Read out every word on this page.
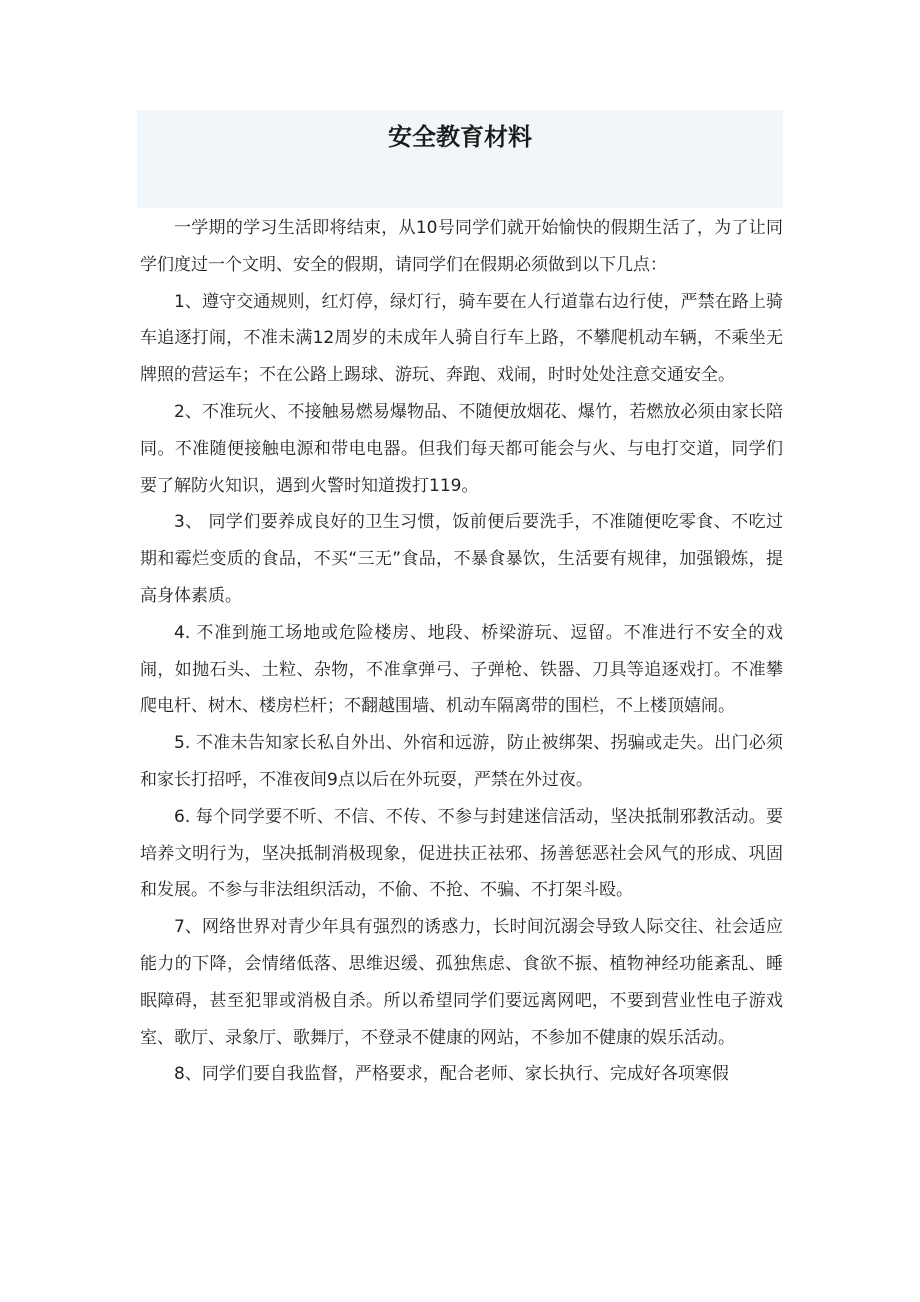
安全教育材料

一学期的学习生活即将结束，从10号同学们就开始愉快的假期生活了，为了让同学们度过一个文明、安全的假期，请同学们在假期必须做到以下几点：

1、遵守交通规则，红灯停，绿灯行，骑车要在人行道靠右边行使，严禁在路上骑车追逐打闹，不准未满12周岁的未成年人骑自行车上路，不攀爬机动车辆，不乘坐无牌照的营运车；不在公路上踢球、游玩、奔跑、戏闹，时时处处注意交通安全。

2、不准玩火、不接触易燃易爆物品、不随便放烟花、爆竹，若燃放必须由家长陪同。不准随便接触电源和带电电器。但我们每天都可能会与火、与电打交道，同学们要了解防火知识，遇到火警时知道拨打119。

3、 同学们要养成良好的卫生习惯，饭前便后要洗手，不准随便吃零食、不吃过期和霉烂变质的食品，不买“三无”食品，不暴食暴饮，生活要有规律，加强锻炼，提高身体素质。

4. 不准到施工场地或危险楼房、地段、桥梁游玩、逗留。不准进行不安全的戏闹，如抛石头、土粒、杂物，不准拿弹弓、子弹枪、铁器、刀具等追逐戏打。不准攀爬电杆、树木、楼房栏杆；不翻越围墙、机动车隔离带的围栏，不上楼顶嬉闹。

5. 不准未告知家长私自外出、外宿和远游，防止被绑架、拐骗或走失。出门必须和家长打招呼，不准夜间9点以后在外玩耍，严禁在外过夜。

6. 每个同学要不听、不信、不传、不参与封建迷信活动，坚决抵制邪教活动。要培养文明行为，坚决抵制消极现象，促进扶正祛邪、扬善惩恶社会风气的形成、巩固和发展。不参与非法组织活动，不偷、不抢、不骗、不打架斗殴。

7、网络世界对青少年具有强烈的诱惑力，长时间沉溺会导致人际交往、社会适应能力的下降，会情绪低落、思维迟缓、孤独焦虑、食欲不振、植物神经功能紊乱、睡眠障碍，甚至犯罪或消极自杀。所以希望同学们要远离网吧，不要到营业性电子游戏室、歌厅、录象厅、歌舞厅，不登录不健康的网站，不参加不健康的娱乐活动。

8、同学们要自我监督，严格要求，配合老师、家长执行、完成好各项寒假
